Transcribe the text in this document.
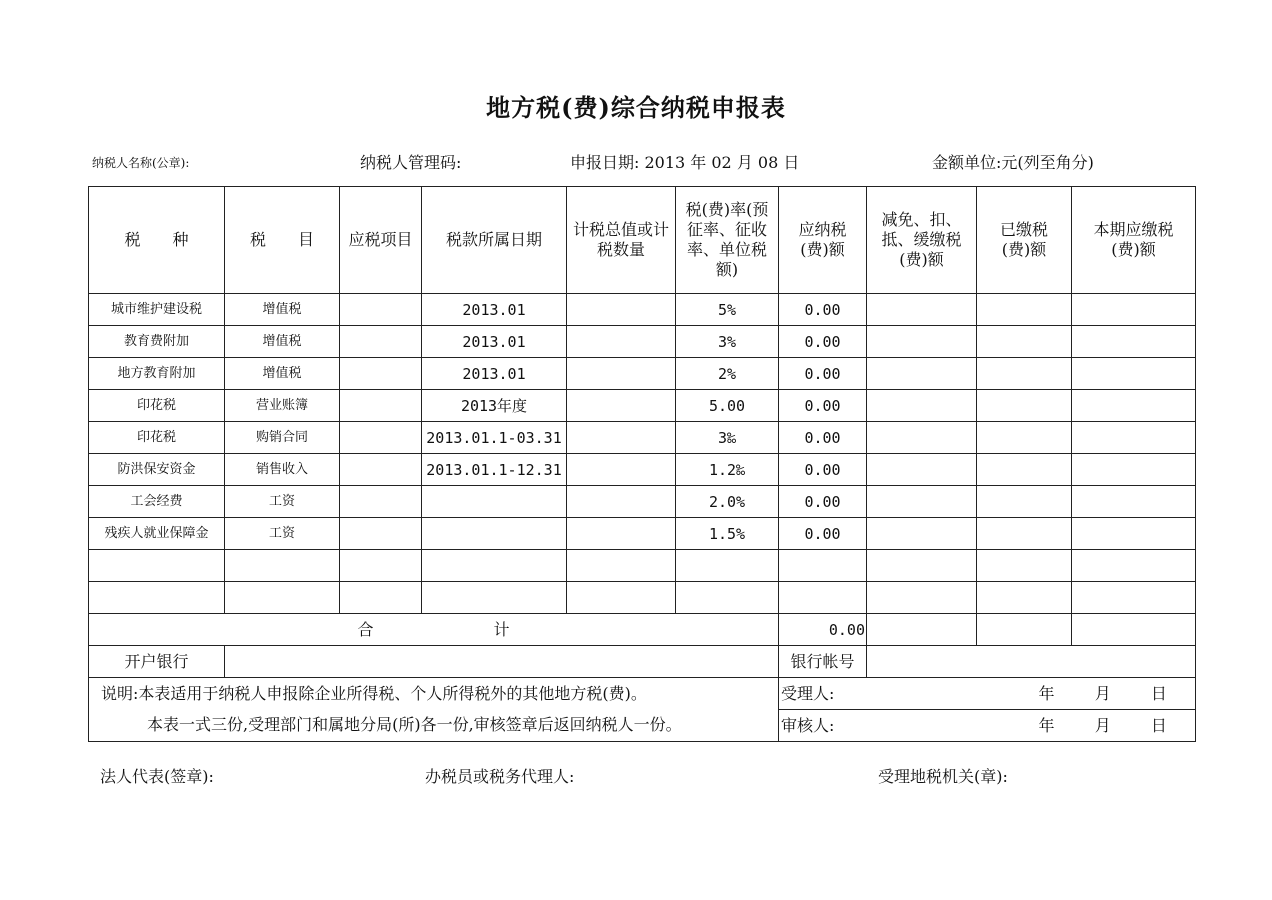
地方税(费)综合纳税申报表
纳税人名称(公章):	纳税人管理码:	申报日期: 2013 年 02 月 08 日	金额单位:元(列至角分)
税　　种	税　　目	应税项目	税款所属日期	计税总值或计税数量	税(费)率(预征率、征收率、单位税额)	应纳税(费)额	减免、扣、抵、缓缴税(费)额	已缴税(费)额	本期应缴税(费)额
城市维护建设税	增值税		2013.01		5%	0.00			
教育费附加	增值税		2013.01		3%	0.00			
地方教育附加	增值税		2013.01		2%	0.00			
印花税	营业账簿		2013年度		5.00	0.00			
印花税	购销合同		2013.01.1-03.31		3‰	0.00			
防洪保安资金	销售收入		2013.01.1-12.31		1.2‰	0.00			
工会经费	工资				2.0%	0.00			
残疾人就业保障金	工资				1.5%	0.00			

合 计						0.00			
开户银行						银行帐号			
说明:本表适用于纳税人申报除企业所得税、个人所得税外的其他地方税(费)。						受理人: 年 月 日			
本表一式三份,受理部门和属地分局(所)各一份,审核签章后返回纳税人一份。						审核人: 年 月 日			
法人代表(签章):	办税员或税务代理人:	受理地税机关(章):
